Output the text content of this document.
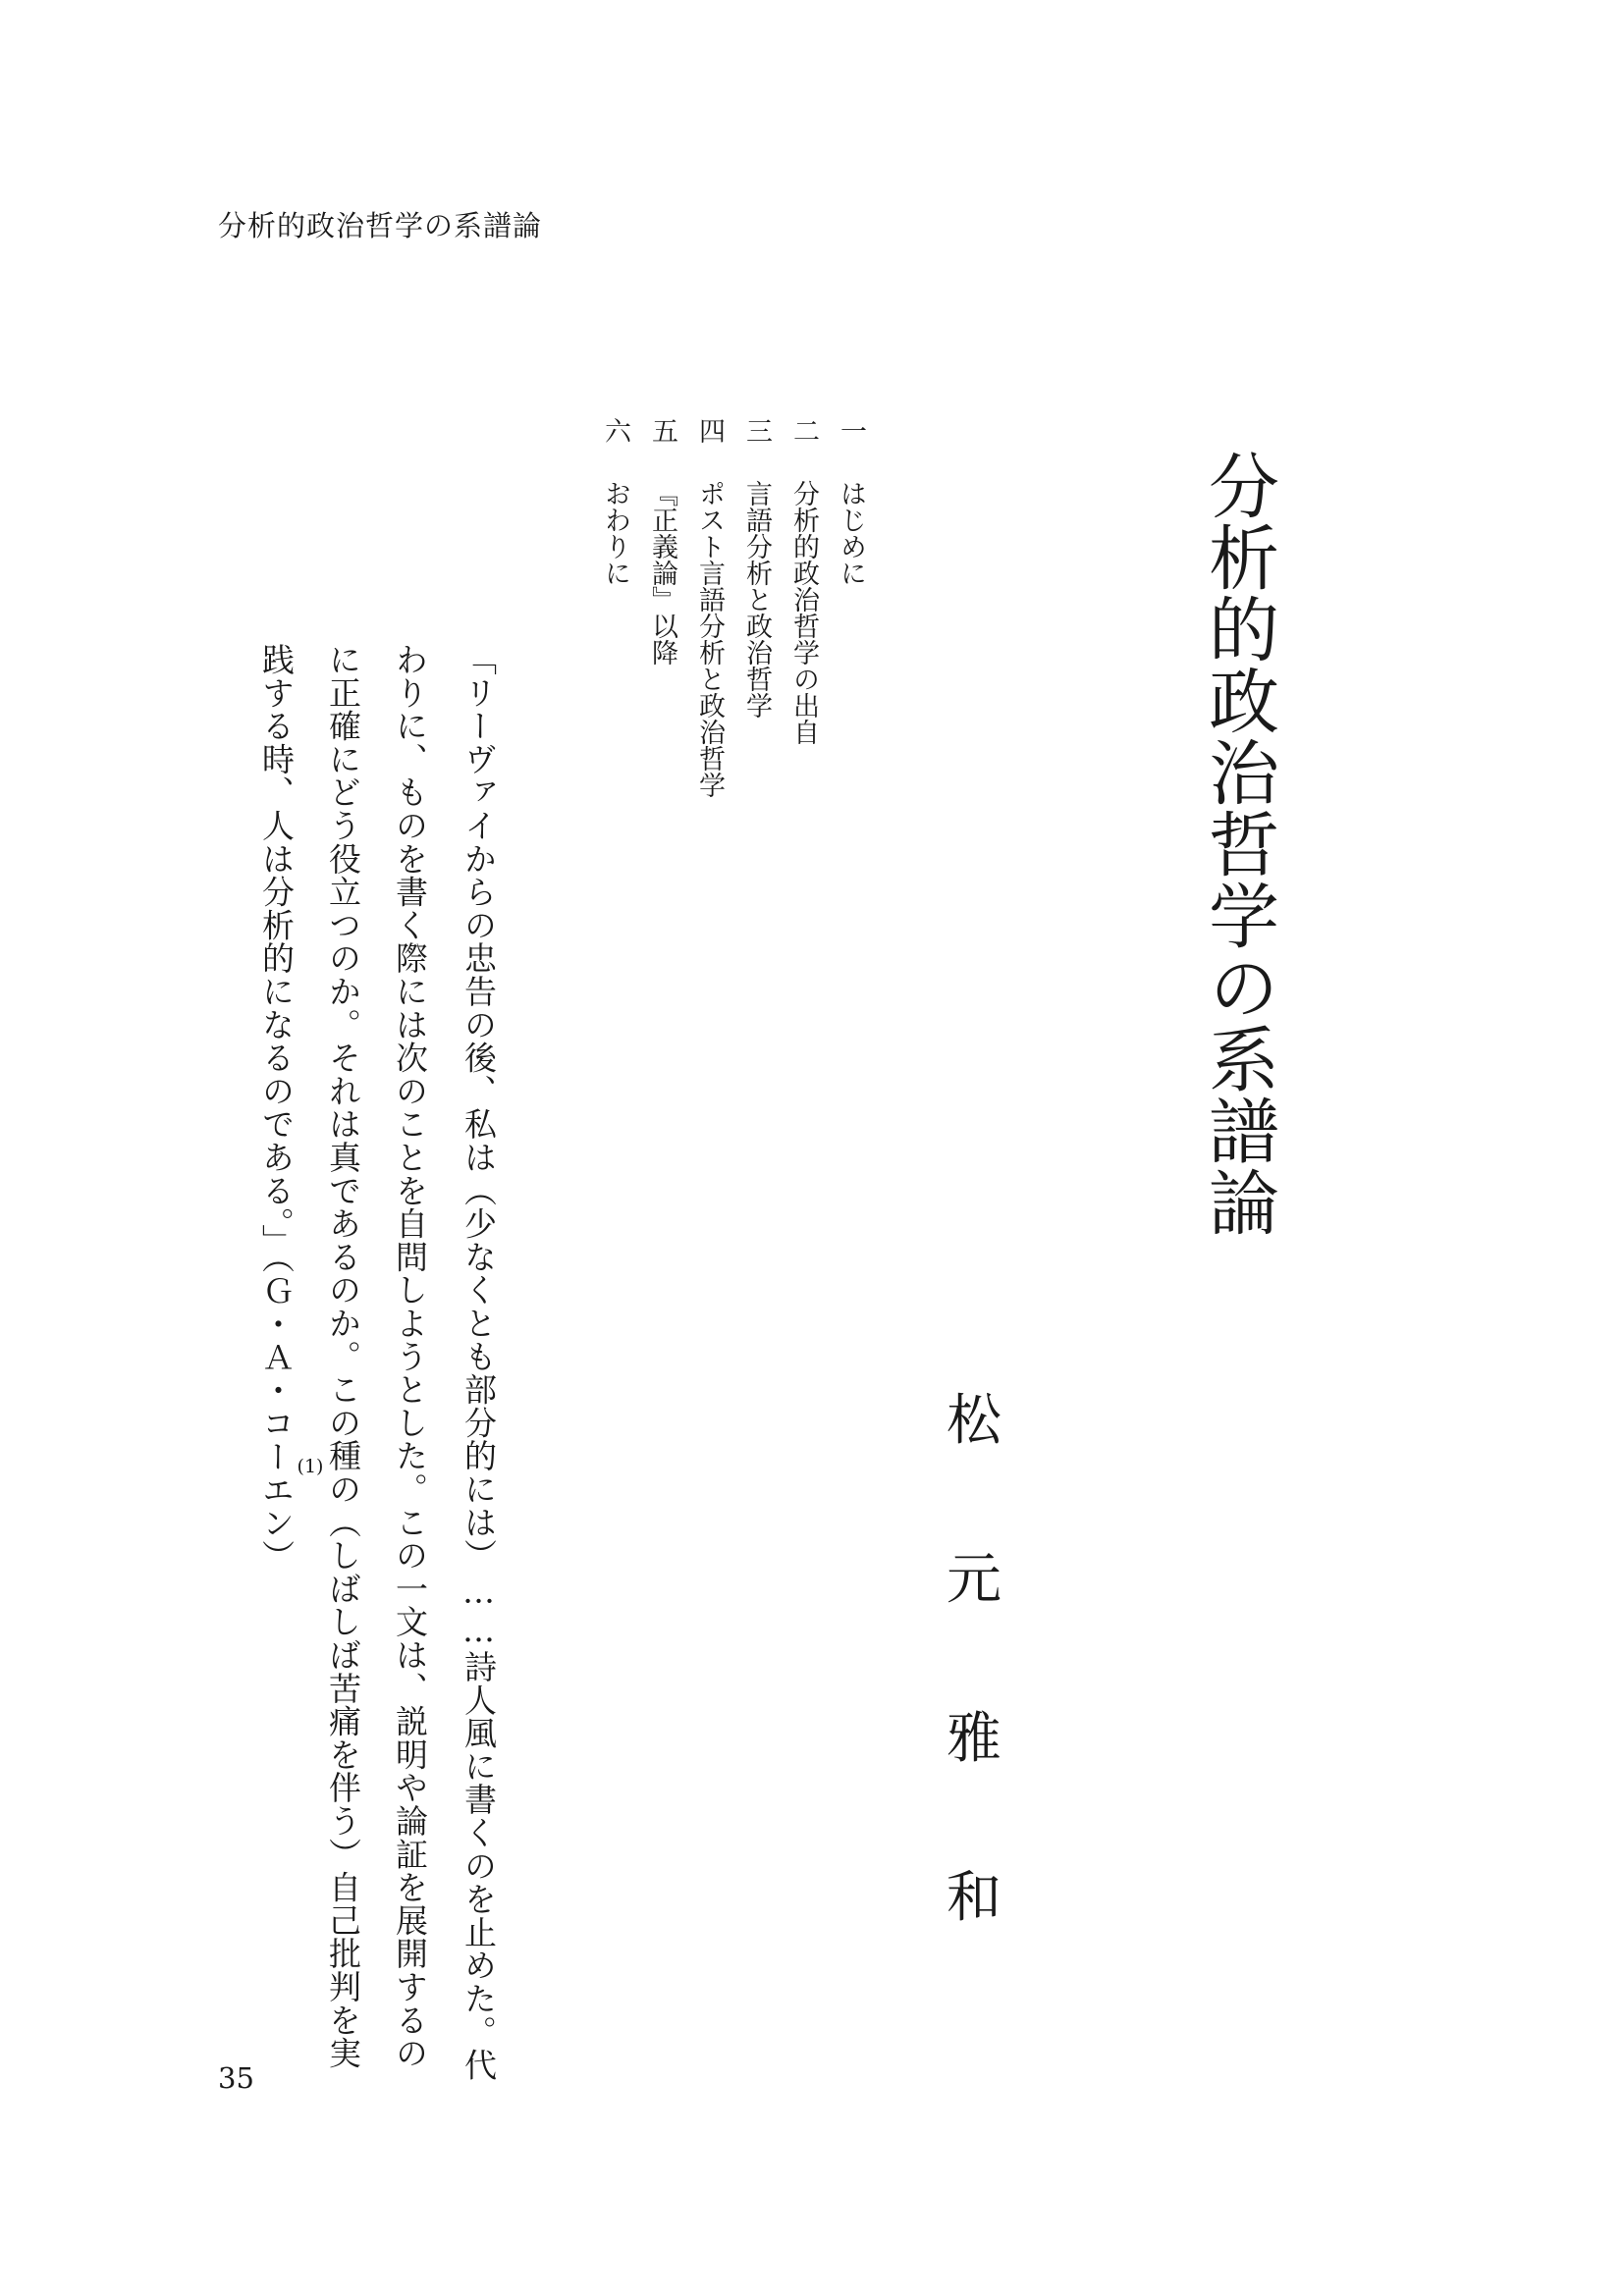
分析的政治哲学の系譜論
分析的政治哲学の系譜論
松
元
雅
和
一はじめに
二分析的政治哲学の出自
三言語分析と政治哲学
四ポスト言語分析と政治哲学
五『正義論』以降
六おわりに
「リーヴァイからの忠告の後、私は（少なくとも部分的には）……詩人風に書くのを止めた。代
わりに、ものを書く際には次のことを自問しようとした。この一文は、説明や論証を展開するの
に正確にどう役立つのか。それは真であるのか。この種の（しばしば苦痛を伴う）自己批判を実
践する時、人は分析的になるのである。」（Ｇ・Ａ・コーエン） (1)
35
